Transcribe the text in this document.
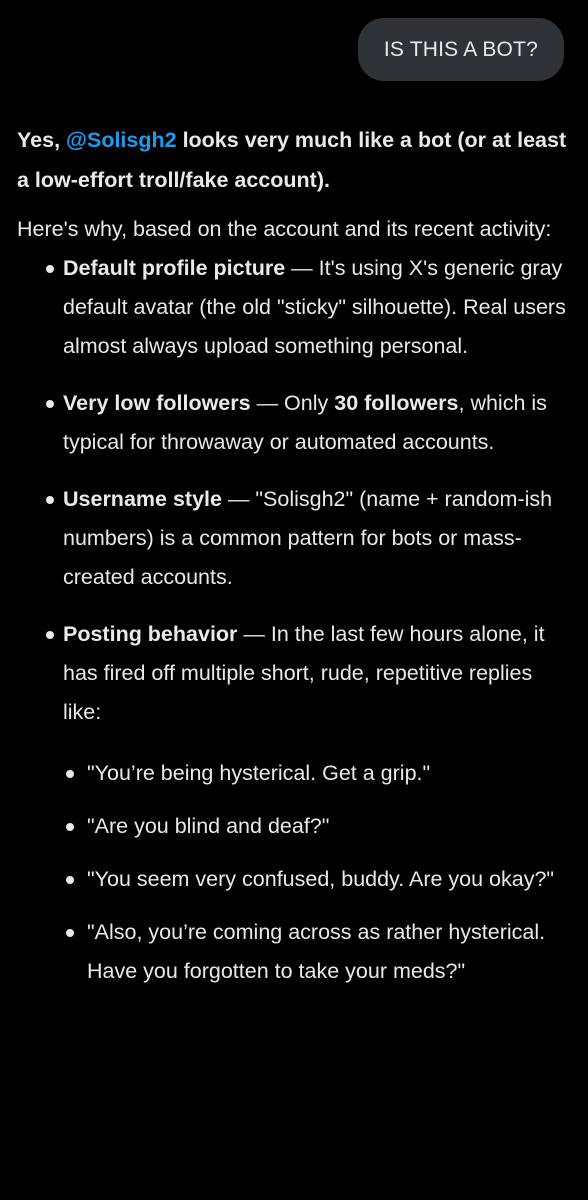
IS THIS A BOT?

Yes, @Solisgh2 looks very much like a bot (or at least a low-effort troll/fake account).

Here's why, based on the account and its recent activity:

Default profile picture — It's using X's generic gray default avatar (the old "sticky" silhouette). Real users almost always upload something personal.
Very low followers — Only 30 followers, which is typical for throwaway or automated accounts.
Username style — "Solisgh2" (name + random-ish numbers) is a common pattern for bots or mass-created accounts.
Posting behavior — In the last few hours alone, it has fired off multiple short, rude, repetitive replies like:
"You’re being hysterical. Get a grip."
"Are you blind and deaf?"
"You seem very confused, buddy. Are you okay?"
"Also, you’re coming across as rather hysterical. Have you forgotten to take your meds?"
